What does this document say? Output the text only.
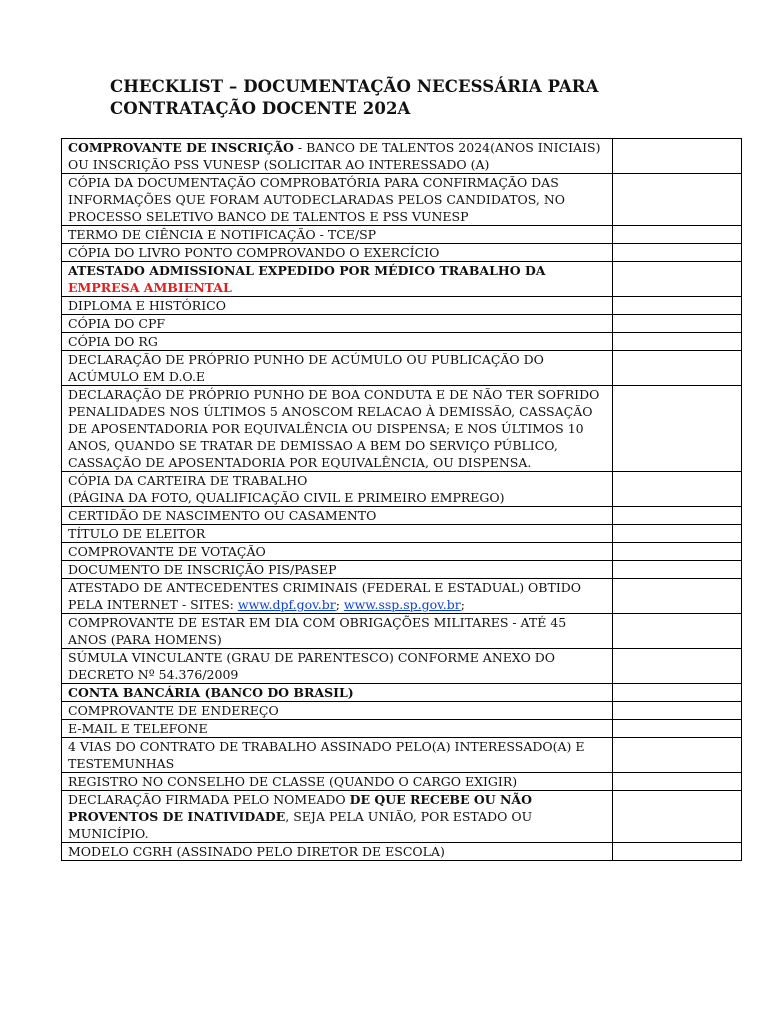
CHECKLIST – DOCUMENTAÇÃO NECESSÁRIA PARA
CONTRATAÇÃO DOCENTE 202A
COMPROVANTE DE INSCRIÇÃO - BANCO DE TALENTOS 2024(ANOS INICIAIS)
OU INSCRIÇÃO PSS VUNESP (SOLICITAR AO INTERESSADO (A)	

CÓPIA DA DOCUMENTAÇÃO COMPROBATÓRIA PARA CONFIRMAÇÃO DAS
INFORMAÇÕES QUE FORAM AUTODECLARADAS PELOS CANDIDATOS, NO
PROCESSO SELETIVO BANCO DE TALENTOS E PSS VUNESP	

TERMO DE CIÊNCIA E NOTIFICAÇÃO - TCE/SP	
CÓPIA DO LIVRO PONTO COMPROVANDO O EXERCÍCIO	

ATESTADO ADMISSIONAL EXPEDIDO POR MÉDICO TRABALHO DA
EMPRESA AMBIENTAL	

DIPLOMA E HISTÓRICO	
CÓPIA DO CPF	
CÓPIA DO RG	

DECLARAÇÃO DE PRÓPRIO PUNHO DE ACÚMULO OU PUBLICAÇÃO DO
ACÚMULO EM D.O.E	

DECLARAÇÃO DE PRÓPRIO PUNHO DE BOA CONDUTA E DE NÃO TER SOFRIDO
PENALIDADES NOS ÚLTIMOS 5 ANOSCOM RELACAO À DEMISSÃO, CASSAÇÃO
DE APOSENTADORIA POR EQUIVALÊNCIA OU DISPENSA; E NOS ÚLTIMOS 10
ANOS, QUANDO SE TRATAR DE DEMISSAO A BEM DO SERVIÇO PÚBLICO,
CASSAÇÃO DE APOSENTADORIA POR EQUIVALÊNCIA, OU DISPENSA.	

CÓPIA DA CARTEIRA DE TRABALHO
(PÁGINA DA FOTO, QUALIFICAÇÃO CIVIL E PRIMEIRO EMPREGO)	

CERTIDÃO DE NASCIMENTO OU CASAMENTO	
TÍTULO DE ELEITOR	
COMPROVANTE DE VOTAÇÃO	
DOCUMENTO DE INSCRIÇÃO PIS/PASEP	

ATESTADO DE ANTECEDENTES CRIMINAIS (FEDERAL E ESTADUAL) OBTIDO
PELA INTERNET - SITES: www.dpf.gov.br; www.ssp.sp.gov.br;	

COMPROVANTE DE ESTAR EM DIA COM OBRIGAÇÕES MILITARES - ATÉ 45
ANOS (PARA HOMENS)	

SÚMULA VINCULANTE (GRAU DE PARENTESCO) CONFORME ANEXO DO
DECRETO Nº 54.376/2009	

CONTA BANCÁRIA (BANCO DO BRASIL)	
COMPROVANTE DE ENDEREÇO	
E-MAIL E TELEFONE	

4 VIAS DO CONTRATO DE TRABALHO ASSINADO PELO(A) INTERESSADO(A) E
TESTEMUNHAS	

REGISTRO NO CONSELHO DE CLASSE (QUANDO O CARGO EXIGIR)	

DECLARAÇÃO FIRMADA PELO NOMEADO DE QUE RECEBE OU NÃO
PROVENTOS DE INATIVIDADE, SEJA PELA UNIÃO, POR ESTADO OU
MUNICÍPIO.	

MODELO CGRH (ASSINADO PELO DIRETOR DE ESCOLA)	
